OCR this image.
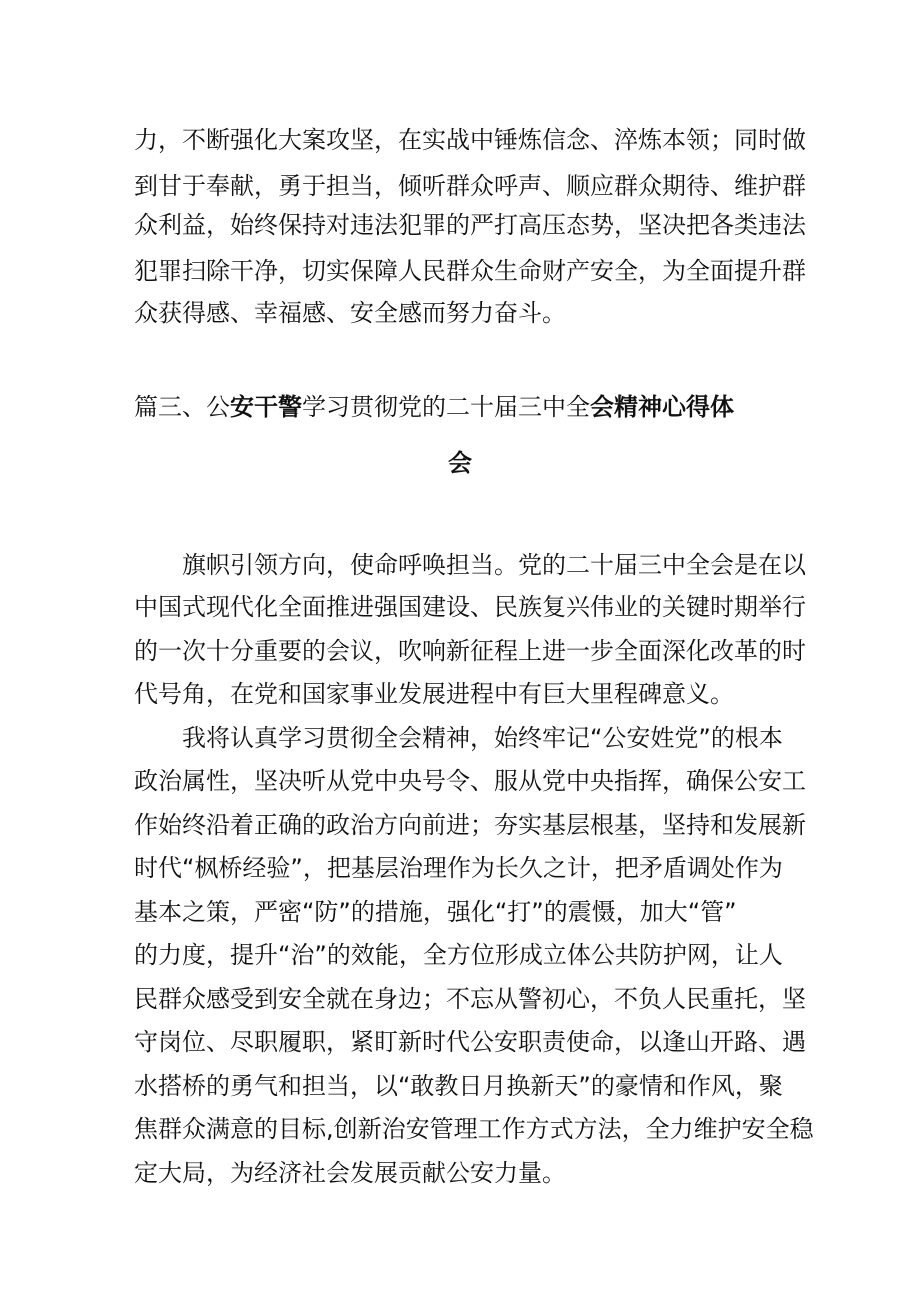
力，不断强化大案攻坚，在实战中锤炼信念、淬炼本领；同时做
到甘于奉献，勇于担当，倾听群众呼声、顺应群众期待、维护群
众利益，始终保持对违法犯罪的严打高压态势，坚决把各类违法
犯罪扫除干净，切实保障人民群众生命财产安全，为全面提升群
众获得感、幸福感、安全感而努力奋斗。
篇三、公安干警学习贯彻党的二十届三中全会精神心得体
会
旗帜引领方向，使命呼唤担当。党的二十届三中全会是在以
中国式现代化全面推进强国建设、民族复兴伟业的关键时期举行
的一次十分重要的会议，吹响新征程上进一步全面深化改革的时
代号角，在党和国家事业发展进程中有巨大里程碑意义。
我将认真学习贯彻全会精神，始终牢记“公安姓党”的根本
政治属性，坚决听从党中央号令、服从党中央指挥，确保公安工
作始终沿着正确的政治方向前进；夯实基层根基，坚持和发展新
时代“枫桥经验”，把基层治理作为长久之计，把矛盾调处作为
基本之策，严密“防”的措施，强化“打”的震慑，加大“管”
的力度，提升“治”的效能，全方位形成立体公共防护网，让人
民群众感受到安全就在身边；不忘从警初心，不负人民重托，坚
守岗位、尽职履职，紧盯新时代公安职责使命，以逢山开路、遇
水搭桥的勇气和担当，以“敢教日月换新天”的豪情和作风，聚
焦群众满意的目标,创新治安管理工作方式方法，全力维护安全稳
定大局，为经济社会发展贡献公安力量。
